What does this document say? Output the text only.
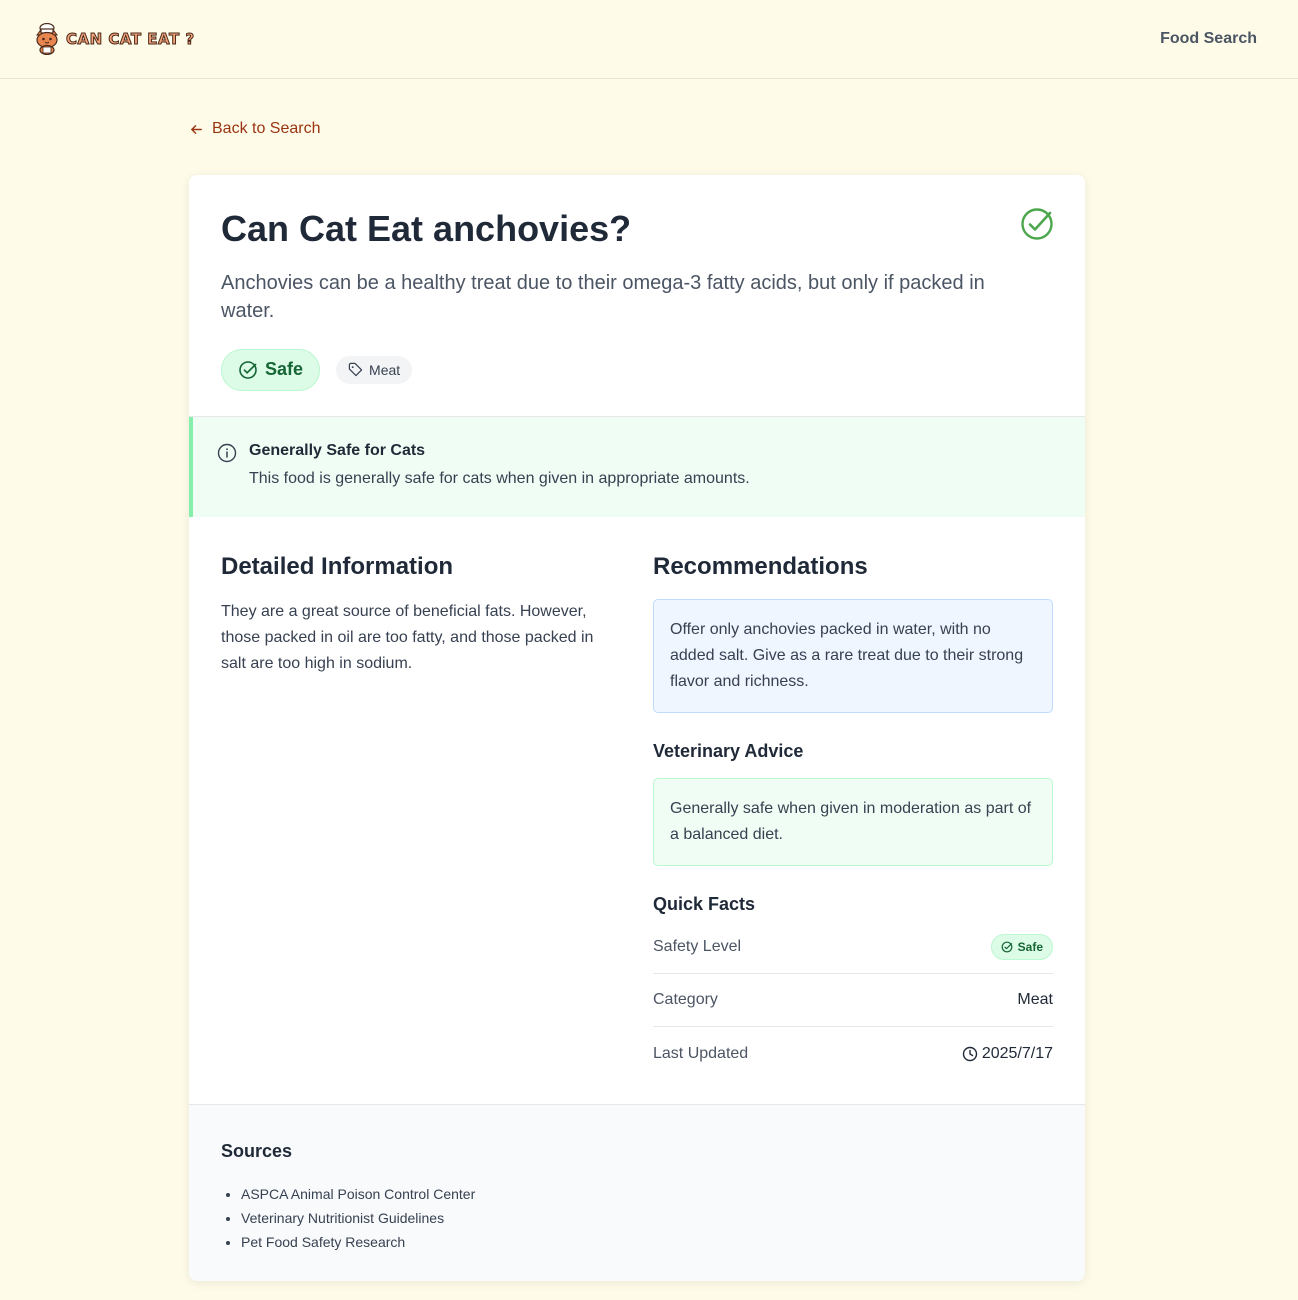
CAN CAT EAT ?	Food Search
Back to Search
Can Cat Eat anchovies?

Anchovies can be a healthy treat due to their omega-3 fatty acids, but only if packed in water.

Safe	Meat
Generally Safe for Cats
This food is generally safe for cats when given in appropriate amounts.
Detailed Information

They are a great source of beneficial fats. However, those packed in oil are too fatty, and those packed in salt are too high in sodium.

Recommendations
Offer only anchovies packed in water, with no added salt. Give as a rare treat due to their strong flavor and richness.
Veterinary Advice
Generally safe when given in moderation as part of a balanced diet.
Quick Facts
Safety Level	Safe
Category	Meat
Last Updated	2025/7/17
Sources
• ASPCA Animal Poison Control Center
• Veterinary Nutritionist Guidelines
• Pet Food Safety Research
